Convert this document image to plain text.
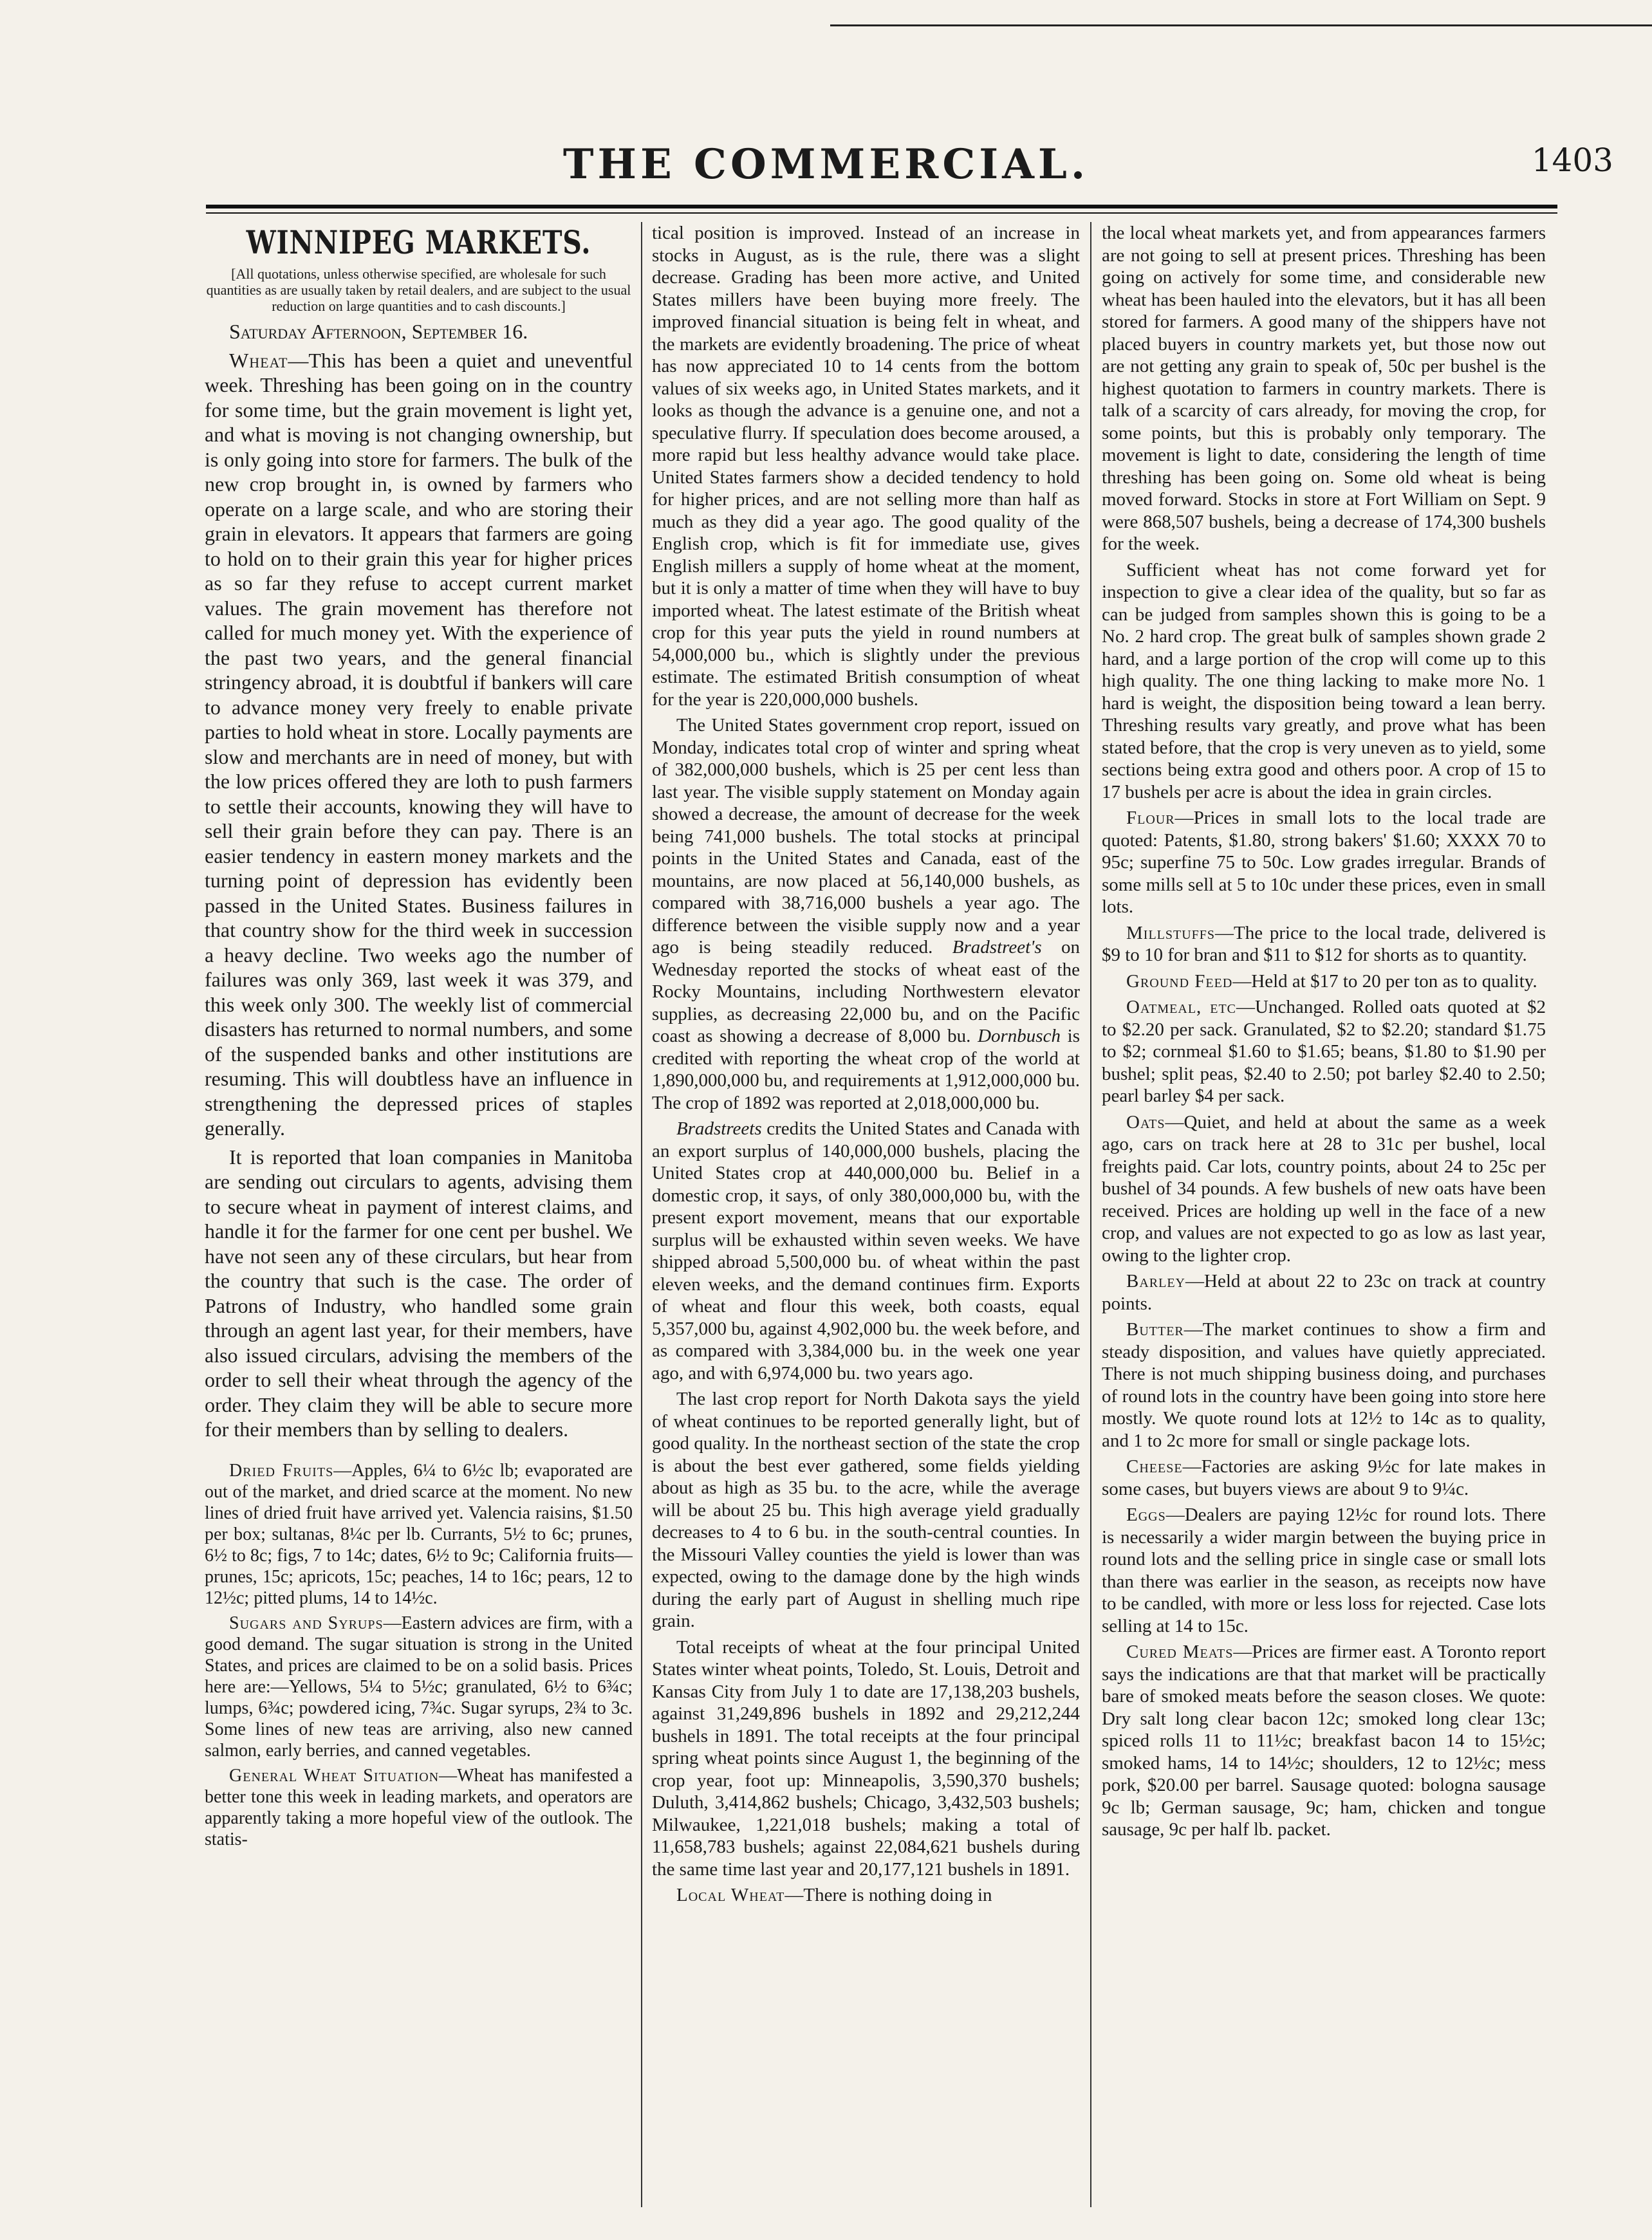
THE COMMERCIAL.	1403
WINNIPEG MARKETS.
[All quotations, unless otherwise specified, are wholesale for such quantities as are usually taken by retail dealers, and are subject to the usual reduction on large quantities and to cash discounts.]
Saturday Afternoon, September 16.

Wheat—This has been a quiet and uneventful week. Threshing has been going on in the country for some time, but the grain movement is light yet, and what is moving is not changing ownership, but is only going into store for farmers. The bulk of the new crop brought in, is owned by farmers who operate on a large scale, and who are storing their grain in elevators. It appears that farmers are going to hold on to their grain this year for higher prices as so far they refuse to accept current market values. The grain movement has therefore not called for much money yet. With the experience of the past two years, and the general financial stringency abroad, it is doubtful if bankers will care to advance money very freely to enable private parties to hold wheat in store. Locally payments are slow and merchants are in need of money, but with the low prices offered they are loth to push farmers to settle their accounts, knowing they will have to sell their grain before they can pay. There is an easier tendency in eastern money markets and the turning point of depression has evidently been passed in the United States. Business failures in that country show for the third week in succession a heavy decline. Two weeks ago the number of failures was only 369, last week it was 379, and this week only 300. The weekly list of commercial disasters has returned to normal numbers, and some of the suspended banks and other institutions are resuming. This will doubtless have an influence in strengthening the depressed prices of staples generally.

It is reported that loan companies in Manitoba are sending out circulars to agents, advising them to secure wheat in payment of interest claims, and handle it for the farmer for one cent per bushel. We have not seen any of these circulars, but hear from the country that such is the case. The order of Patrons of Industry, who handled some grain through an agent last year, for their members, have also issued circulars, advising the members of the order to sell their wheat through the agency of the order. They claim they will be able to secure more for their members than by selling to dealers.

Dried Fruits—Apples, 6¼ to 6½c lb; evaporated are out of the market, and dried scarce at the moment. No new lines of dried fruit have arrived yet. Valencia raisins, $1.50 per box; sultanas, 8¼c per lb. Currants, 5½ to 6c; prunes, 6½ to 8c; figs, 7 to 14c; dates, 6½ to 9c; California fruits—prunes, 15c; apricots, 15c; peaches, 14 to 16c; pears, 12 to 12½c; pitted plums, 14 to 14½c.

Sugars and Syrups—Eastern advices are firm, with a good demand. The sugar situation is strong in the United States, and prices are claimed to be on a solid basis. Prices here are:—Yellows, 5¼ to 5½c; granulated, 6½ to 6¾c; lumps, 6¾c; powdered icing, 7¾c. Sugar syrups, 2¾ to 3c. Some lines of new teas are arriving, also new canned salmon, early berries, and canned vegetables.

General Wheat Situation—Wheat has manifested a better tone this week in leading markets, and operators are apparently taking a more hopeful view of the outlook. The statis-

tical position is improved. Instead of an increase in stocks in August, as is the rule, there was a slight decrease. Grading has been more active, and United States millers have been buying more freely. The improved financial situation is being felt in wheat, and the markets are evidently broadening. The price of wheat has now appreciated 10 to 14 cents from the bottom values of six weeks ago, in United States markets, and it looks as though the advance is a genuine one, and not a speculative flurry. If speculation does become aroused, a more rapid but less healthy advance would take place. United States farmers show a decided tendency to hold for higher prices, and are not selling more than half as much as they did a year ago. The good quality of the English crop, which is fit for immediate use, gives English millers a supply of home wheat at the moment, but it is only a matter of time when they will have to buy imported wheat. The latest estimate of the British wheat crop for this year puts the yield in round numbers at 54,000,000 bu., which is slightly under the previous estimate. The estimated British consumption of wheat for the year is 220,000,000 bushels.

The United States government crop report, issued on Monday, indicates total crop of winter and spring wheat of 382,000,000 bushels, which is 25 per cent less than last year. The visible supply statement on Monday again showed a decrease, the amount of decrease for the week being 741,000 bushels. The total stocks at principal points in the United States and Canada, east of the mountains, are now placed at 56,140,000 bushels, as compared with 38,716,000 bushels a year ago. The difference between the visible supply now and a year ago is being steadily reduced. Bradstreet's on Wednesday reported the stocks of wheat east of the Rocky Mountains, including Northwestern elevator supplies, as decreasing 22,000 bu, and on the Pacific coast as showing a decrease of 8,000 bu. Dornbusch is credited with reporting the wheat crop of the world at 1,890,000,000 bu, and requirements at 1,912,000,000 bu. The crop of 1892 was reported at 2,018,000,000 bu.

Bradstreets credits the United States and Canada with an export surplus of 140,000,000 bushels, placing the United States crop at 440,000,000 bu. Belief in a domestic crop, it says, of only 380,000,000 bu, with the present export movement, means that our exportable surplus will be exhausted within seven weeks. We have shipped abroad 5,500,000 bu. of wheat within the past eleven weeks, and the demand continues firm. Exports of wheat and flour this week, both coasts, equal 5,357,000 bu, against 4,902,000 bu. the week before, and as compared with 3,384,000 bu. in the week one year ago, and with 6,974,000 bu. two years ago.

The last crop report for North Dakota says the yield of wheat continues to be reported generally light, but of good quality. In the northeast section of the state the crop is about the best ever gathered, some fields yielding about as high as 35 bu. to the acre, while the average will be about 25 bu. This high average yield gradually decreases to 4 to 6 bu. in the south-central counties. In the Missouri Valley counties the yield is lower than was expected, owing to the damage done by the high winds during the early part of August in shelling much ripe grain.

Total receipts of wheat at the four principal United States winter wheat points, Toledo, St. Louis, Detroit and Kansas City from July 1 to date are 17,138,203 bushels, against 31,249,896 bushels in 1892 and 29,212,244 bushels in 1891. The total receipts at the four principal spring wheat points since August 1, the beginning of the crop year, foot up: Minneapolis, 3,590,370 bushels; Duluth, 3,414,862 bushels; Chicago, 3,432,503 bushels; Milwaukee, 1,221,018 bushels; making a total of 11,658,783 bushels; against 22,084,621 bushels during the same time last year and 20,177,121 bushels in 1891.

Local Wheat—There is nothing doing in

the local wheat markets yet, and from appearances farmers are not going to sell at present prices. Threshing has been going on actively for some time, and considerable new wheat has been hauled into the elevators, but it has all been stored for farmers. A good many of the shippers have not placed buyers in country markets yet, but those now out are not getting any grain to speak of, 50c per bushel is the highest quotation to farmers in country markets. There is talk of a scarcity of cars already, for moving the crop, for some points, but this is probably only temporary. The movement is light to date, considering the length of time threshing has been going on. Some old wheat is being moved forward. Stocks in store at Fort William on Sept. 9 were 868,507 bushels, being a decrease of 174,300 bushels for the week.

Sufficient wheat has not come forward yet for inspection to give a clear idea of the quality, but so far as can be judged from samples shown this is going to be a No. 2 hard crop. The great bulk of samples shown grade 2 hard, and a large portion of the crop will come up to this high quality. The one thing lacking to make more No. 1 hard is weight, the disposition being toward a lean berry. Threshing results vary greatly, and prove what has been stated before, that the crop is very uneven as to yield, some sections being extra good and others poor. A crop of 15 to 17 bushels per acre is about the idea in grain circles.

Flour—Prices in small lots to the local trade are quoted: Patents, $1.80, strong bakers' $1.60; XXXX 70 to 95c; superfine 75 to 50c. Low grades irregular. Brands of some mills sell at 5 to 10c under these prices, even in small lots.

Millstuffs—The price to the local trade, delivered is $9 to 10 for bran and $11 to $12 for shorts as to quantity.

Ground Feed—Held at $17 to 20 per ton as to quality.

Oatmeal, etc—Unchanged. Rolled oats quoted at $2 to $2.20 per sack. Granulated, $2 to $2.20; standard $1.75 to $2; cornmeal $1.60 to $1.65; beans, $1.80 to $1.90 per bushel; split peas, $2.40 to 2.50; pot barley $2.40 to 2.50; pearl barley $4 per sack.

Oats—Quiet, and held at about the same as a week ago, cars on track here at 28 to 31c per bushel, local freights paid. Car lots, country points, about 24 to 25c per bushel of 34 pounds. A few bushels of new oats have been received. Prices are holding up well in the face of a new crop, and values are not expected to go as low as last year, owing to the lighter crop.

Barley—Held at about 22 to 23c on track at country points.

Butter—The market continues to show a firm and steady disposition, and values have quietly appreciated. There is not much shipping business doing, and purchases of round lots in the country have been going into store here mostly. We quote round lots at 12½ to 14c as to quality, and 1 to 2c more for small or single package lots.

Cheese—Factories are asking 9½c for late makes in some cases, but buyers views are about 9 to 9¼c.

Eggs—Dealers are paying 12½c for round lots. There is necessarily a wider margin between the buying price in round lots and the selling price in single case or small lots than there was earlier in the season, as receipts now have to be candled, with more or less loss for rejected. Case lots selling at 14 to 15c.

Cured Meats—Prices are firmer east. A Toronto report says the indications are that that market will be practically bare of smoked meats before the season closes. We quote: Dry salt long clear bacon 12c; smoked long clear 13c; spiced rolls 11 to 11½c; breakfast bacon 14 to 15½c; smoked hams, 14 to 14½c; shoulders, 12 to 12½c; mess pork, $20.00 per barrel. Sausage quoted: bologna sausage 9c lb; German sausage, 9c; ham, chicken and tongue sausage, 9c per half lb. packet.
